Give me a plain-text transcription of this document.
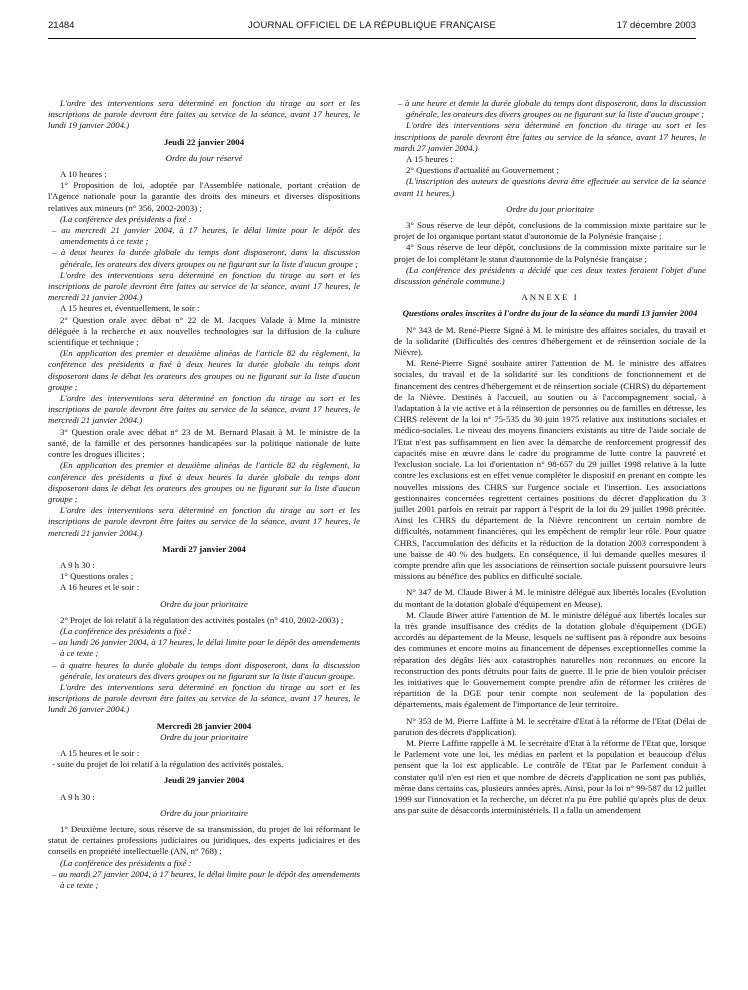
21484	JOURNAL OFFICIEL DE LA RÉPUBLIQUE FRANÇAISE	17 décembre 2003

L'ordre des interventions sera déterminé en fonction du tirage au sort et les inscriptions de parole devront être faites au service de la séance, avant 17 heures, le lundi 19 janvier 2004.)

Jeudi 22 janvier 2004

Ordre du jour réservé

A 10 heures :

1° Proposition de loi, adoptée par l'Assemblée nationale, portant création de l'Agence nationale pour la garantie des droits des mineurs et diverses dispositions relatives aux mineurs (n° 356, 2002-2003) ;

(La conférence des présidents a fixé :

– au mercredi 21 janvier 2004, à 17 heures, le délai limite pour le dépôt des amendements à ce texte ;

– à deux heures la durée globale du temps dont disposeront, dans la discussion générale, les orateurs des divers groupes ou ne figurant sur la liste d'aucun groupe ;

L'ordre des interventions sera déterminé en fonction du tirage au sort et les inscriptions de parole devront être faites au service de la séance, avant 17 heures, le mercredi 21 janvier 2004.)

A 15 heures et, éventuellement, le soir :

2° Question orale avec débat n° 22 de M. Jacques Valade à Mme la ministre déléguée à la recherche et aux nouvelles technologies sur la diffusion de la culture scientifique et technique ;

(En application des premier et deuxième alinéas de l'article 82 du règlement, la conférence des présidents a fixé à deux heures la durée globale du temps dont disposeront dans le débat les orateurs des groupes ou ne figurant sur la liste d'aucun groupe ;

L'ordre des interventions sera déterminé en fonction du tirage au sort et les inscriptions de parole devront être faites au service de la séance, avant 17 heures, le mercredi 21 janvier 2004.)

3° Question orale avec débat n° 23 de M. Bernard Plasait à M. le ministre de la santé, de la famille et des personnes handicapées sur la politique nationale de lutte contre les drogues illicites ;

(En application des premier et deuxième alinéas de l'article 82 du règlement, la conférence des présidents a fixé à deux heures la durée globale du temps dont disposeront dans le débat les orateurs des groupes ou ne figurant sur la liste d'aucun groupe ;

L'ordre des interventions sera déterminé en fonction du tirage au sort et les inscriptions de parole devront être faites au service de la séance, avant 17 heures, le mercredi 21 janvier 2004.)

Mardi 27 janvier 2004

A 9 h 30 :

1° Questions orales ;

A 16 heures et le soir :

Ordre du jour prioritaire

2° Projet de loi relatif à la régulation des activités postales (n° 410, 2002-2003) ;

(La conférence des présidents a fixé :

– au lundi 26 janvier 2004, à 17 heures, le délai limite pour le dépôt des amendements à ce texte ;

– à quatre heures la durée globale du temps dont disposeront, dans la discussion générale, les orateurs des divers groupes ou ne figurant sur la liste d'aucun groupe.

L'ordre des interventions sera déterminé en fonction du tirage au sort et les inscriptions de parole devront être faites au service de la séance, avant 17 heures, le lundi 26 janvier 2004.)

Mercredi 28 janvier 2004

Ordre du jour prioritaire

A 15 heures et le soir :

- suite du projet de loi relatif à la régulation des activités postales.

Jeudi 29 janvier 2004

A 9 h 30 :

Ordre du jour prioritaire

1° Deuxième lecture, sous réserve de sa transmission, du projet de loi réformant le statut de certaines professions judiciaires ou juridiques, des experts judiciaires et des conseils en propriété intellectuelle (AN, n° 768) ;

(La conférence des présidents a fixé :

– au mardi 27 janvier 2004, à 17 heures, le délai limite pour le dépôt des amendements à ce texte ;

– à une heure et demie la durée globale du temps dont disposeront, dans la discussion générale, les orateurs des divers groupes ou ne figurant sur la liste d'aucun groupe ;

L'ordre des interventions sera déterminé en fonction du tirage au sort et les inscriptions de parole devront être faites au service de la séance, avant 17 heures, le mardi 27 janvier 2004.)

A 15 heures :

2° Questions d'actualité au Gouvernement ;

(L'inscription des auteurs de questions devra être effectuée au service de la séance avant 11 heures.)

Ordre du jour prioritaire

3° Sous réserve de leur dépôt, conclusions de la commission mixte paritaire sur le projet de loi organique portant statut d'autonomie de la Polynésie française ;

4° Sous réserve de leur dépôt, conclusions de la commission mixte paritaire sur le projet de loi complétant le statut d'autonomie de la Polynésie française ;

(La conférence des présidents a décidé que ces deux textes feraient l'objet d'une discussion générale commune.)

ANNEXE I

Questions orales inscrites à l'ordre du jour de la séance du mardi 13 janvier 2004

N° 343 de M. René-Pierre Signé à M. le ministre des affaires sociales, du travail et de la solidarité (Difficultés des centres d'hébergement et de réinsertion sociale de la Nièvre).

M. René-Pierre Signé souhaite attirer l'attention de M. le ministre des affaires sociales, du travail et de la solidarité sur les conditions de fonctionnement et de financement des centres d'hébergement et de réinsertion sociale (CHRS) du département de la Nièvre. Destinés à l'accueil, au soutien ou à l'accompagnement social, à l'adaptation à la vie active et à la réinsertion de personnes ou de familles en détresse, les CHRS relèvent de la loi n° 75-535 du 30 juin 1975 relative aux institutions sociales et médico-sociales. Le niveau des moyens financiers existants au titre de l'aide sociale de l'Etat n'est pas suffisamment en lien avec la démarche de renforcement progressif des capacités mise en œuvre dans le cadre du programme de lutte contre la pauvreté et l'exclusion sociale. La loi d'orientation n° 98-657 du 29 juillet 1998 relative à la lutte contre les exclusions est en effet venue compléter le dispositif en prenant en compte les nouvelles missions des CHRS sur l'urgence sociale et l'insertion. Les associations gestionnaires concernées regrettent certaines positions du décret d'application du 3 juillet 2001 parfois en retrait par rapport à l'esprit de la loi du 29 juillet 1998 précitée. Ainsi les CHRS du département de la Nièvre rencontrent un certain nombre de difficultés, notamment financières, qui les empêchent de remplir leur rôle. Pour quatre CHRS, l'accumulation des déficits et la réduction de la dotation 2003 correspondent à une baisse de 40 % des budgets. En conséquence, il lui demande quelles mesures il compte prendre afin que les associations de réinsertion sociale puissent poursuivre leurs missions au bénéfice des publics en difficulté sociale.

N° 347 de M. Claude Biwer à M. le ministre délégué aux libertés locales (Evolution du montant de la dotation globale d'équipement en Meuse).

M. Claude Biwer attire l'attention de M. le ministre délégué aux libertés locales sur la très grande insuffisance des crédits de la dotation globale d'équipement (DGE) accordés au département de la Meuse, lesquels ne suffisent pas à répondre aux besoins des communes et encore moins au financement de dépenses exceptionnelles comme la réparation des dégâts liés aux catastrophes naturelles non reconnues ou encore la reconstruction des ponts détruits pour faits de guerre. Il le prie de bien vouloir préciser les initiatives que le Gouvernement compte prendre afin de réformer les critères de répartition de la DGE pour tenir compte non seulement de la population des départements, mais également de l'importance de leur territoire.

N° 353 de M. Pierre Laffitte à M. le secrétaire d'Etat à la réforme de l'Etat (Délai de parution des décrets d'application).

M. Pierre Laffitte rappelle à M. le secrétaire d'Etat à la réforme de l'Etat que, lorsque le Parlement vote une loi, les médias en parlent et la population et beaucoup d'élus pensent que la loi est applicable. Le contrôle de l'Etat par le Parlement conduit à constater qu'il n'en est rien et que nombre de décrets d'application ne sont pas publiés, même dans certains cas, plusieurs années après. Ainsi, pour la loi n° 99-587 du 12 juillet 1999 sur l'innovation et la recherche, un décret n'a pu être publié qu'après plus de deux ans par suite de désaccords interministériels. Il a fallu un amendement
